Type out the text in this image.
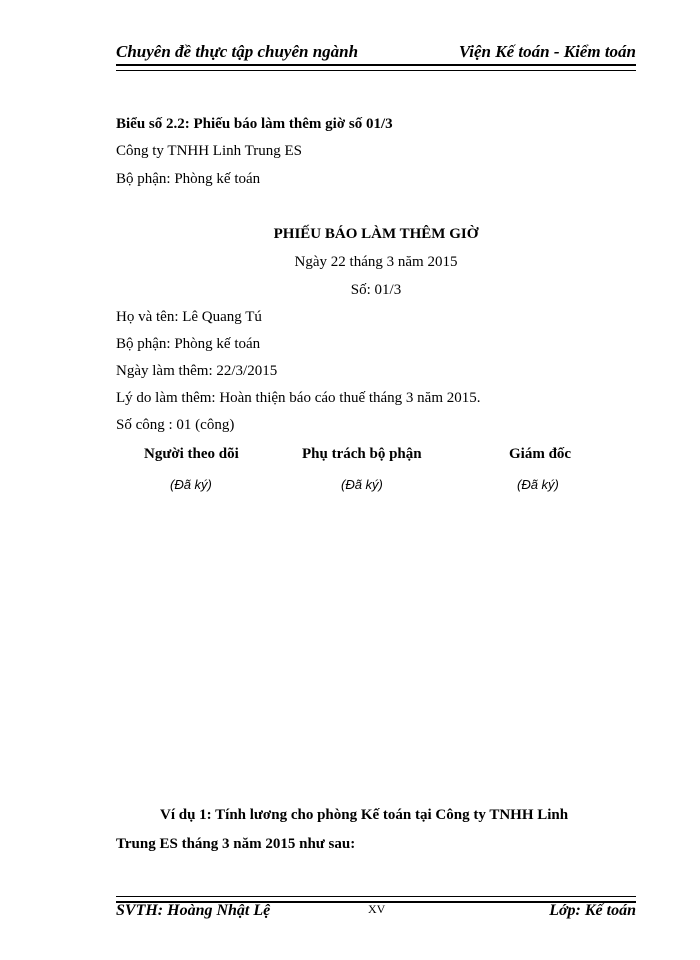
Chuyên đề thực tập chuyên ngành	Viện Kế toán - Kiểm toán
Biểu số 2.2: Phiếu báo làm thêm giờ số 01/3
Công ty TNHH Linh Trung ES
Bộ phận: Phòng kế toán
PHIẾU BÁO LÀM THÊM GIỜ
Ngày 22 tháng 3 năm 2015
Số: 01/3
Họ và tên: Lê Quang Tú
Bộ phận: Phòng kế toán
Ngày làm thêm: 22/3/2015
Lý do làm thêm: Hoàn thiện báo cáo thuế tháng 3 năm 2015.
Số công : 01 (công)
Người theo dõi	Phụ trách bộ phận	Giám đốc
(Đã ký)	(Đã ký)	(Đã ký)
Ví dụ 1: Tính lương cho phòng Kế toán tại Công ty TNHH Linh
Trung ES tháng 3 năm 2015 như sau:
SVTH: Hoàng Nhật Lệ	XV	Lớp: Kế toán
